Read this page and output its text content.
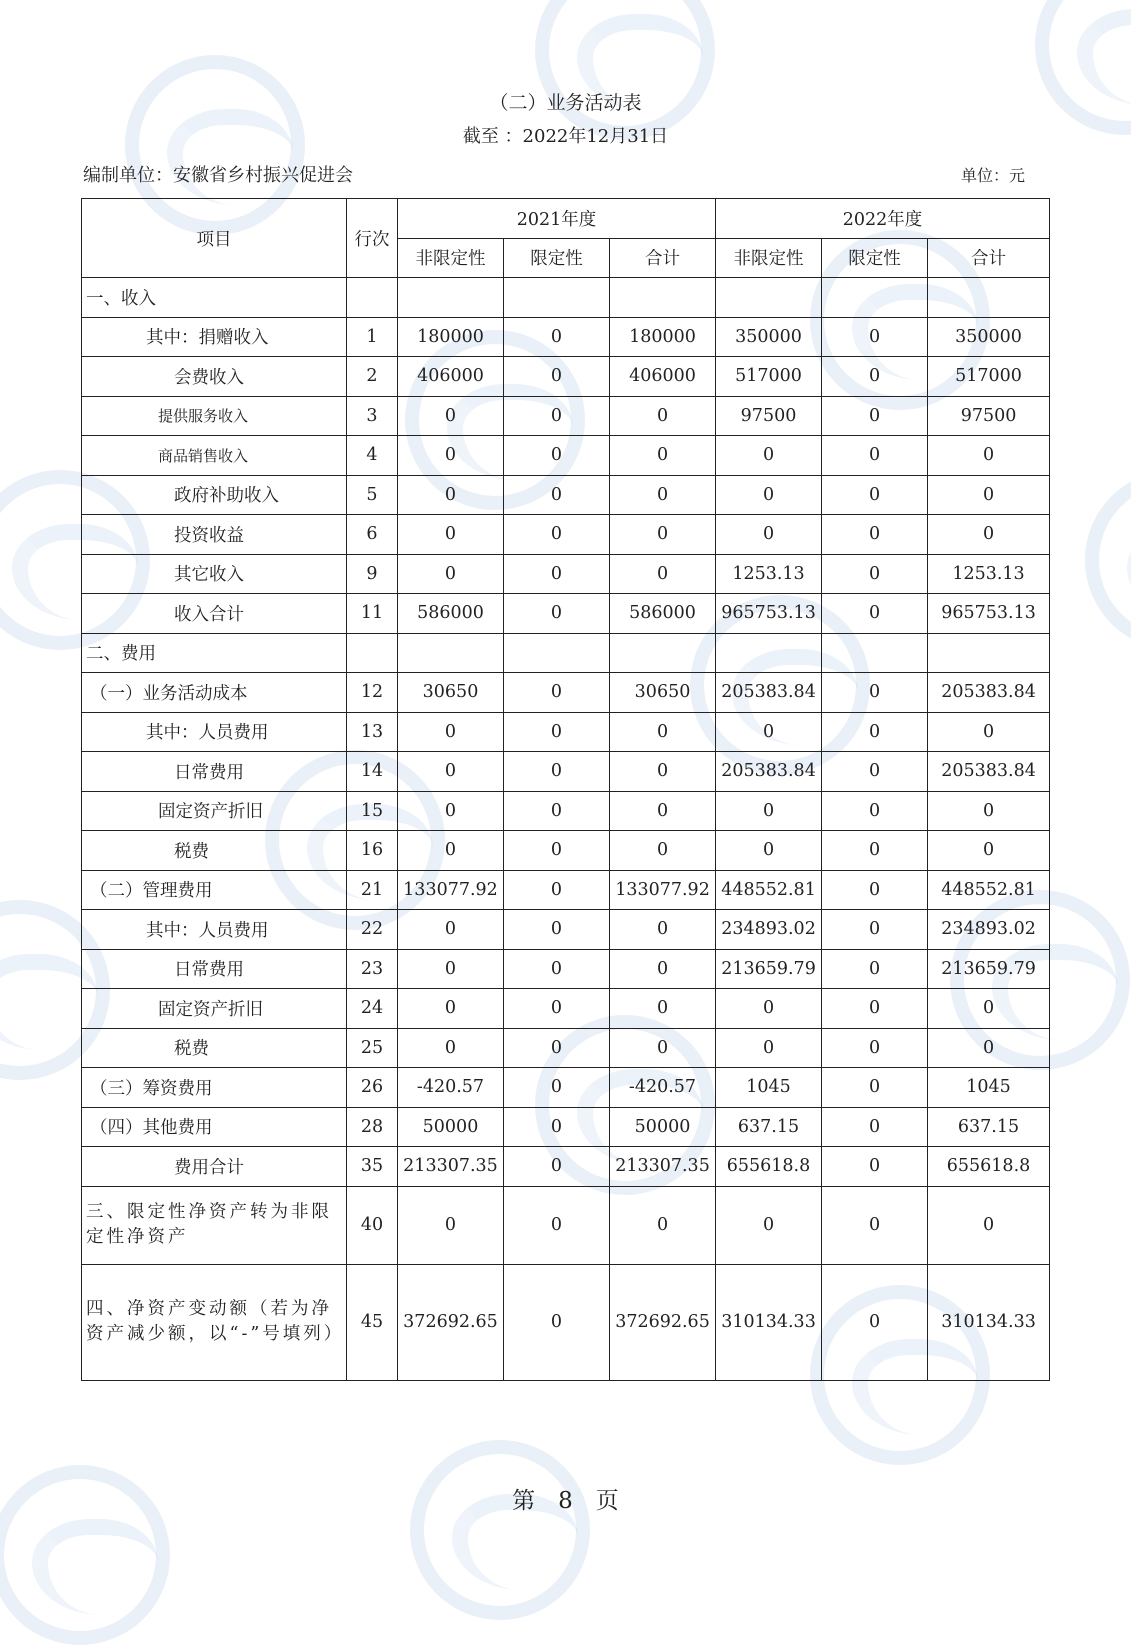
（二）业务活动表
截至 ：2022年12月31日
编制单位：安徽省乡村振兴促进会	单位：元
项目	行次	2021年度			2022年度		
		非限定性	限定性	合计	非限定性	限定性	合计
一、收入							
其中：捐赠收入	1	180000	0	180000	350000	0	350000
会费收入	2	406000	0	406000	517000	0	517000
提供服务收入	3	0	0	0	97500	0	97500
商品销售收入	4	0	0	0	0	0	0
政府补助收入	5	0	0	0	0	0	0
投资收益	6	0	0	0	0	0	0
其它收入	9	0	0	0	1253.13	0	1253.13
收入合计	11	586000	0	586000	965753.13	0	965753.13
二、费用							
（一）业务活动成本	12	30650	0	30650	205383.84	0	205383.84
其中：人员费用	13	0	0	0	0	0	0
日常费用	14	0	0	0	205383.84	0	205383.84
固定资产折旧	15	0	0	0	0	0	0
税费	16	0	0	0	0	0	0
（二）管理费用	21	133077.92	0	133077.92	448552.81	0	448552.81
其中：人员费用	22	0	0	0	234893.02	0	234893.02
日常费用	23	0	0	0	213659.79	0	213659.79
固定资产折旧	24	0	0	0	0	0	0
税费	25	0	0	0	0	0	0
（三）筹资费用	26	-420.57	0	-420.57	1045	0	1045
（四）其他费用	28	50000	0	50000	637.15	0	637.15
费用合计	35	213307.35	0	213307.35	655618.8	0	655618.8
三、限定性净资产转为非限定性净资产	40	0	0	0	0	0	0
四、净资产变动额（若为净资产减少额，以“-”号填列）	45	372692.65	0	372692.65	310134.33	0	310134.33
第　8　页
